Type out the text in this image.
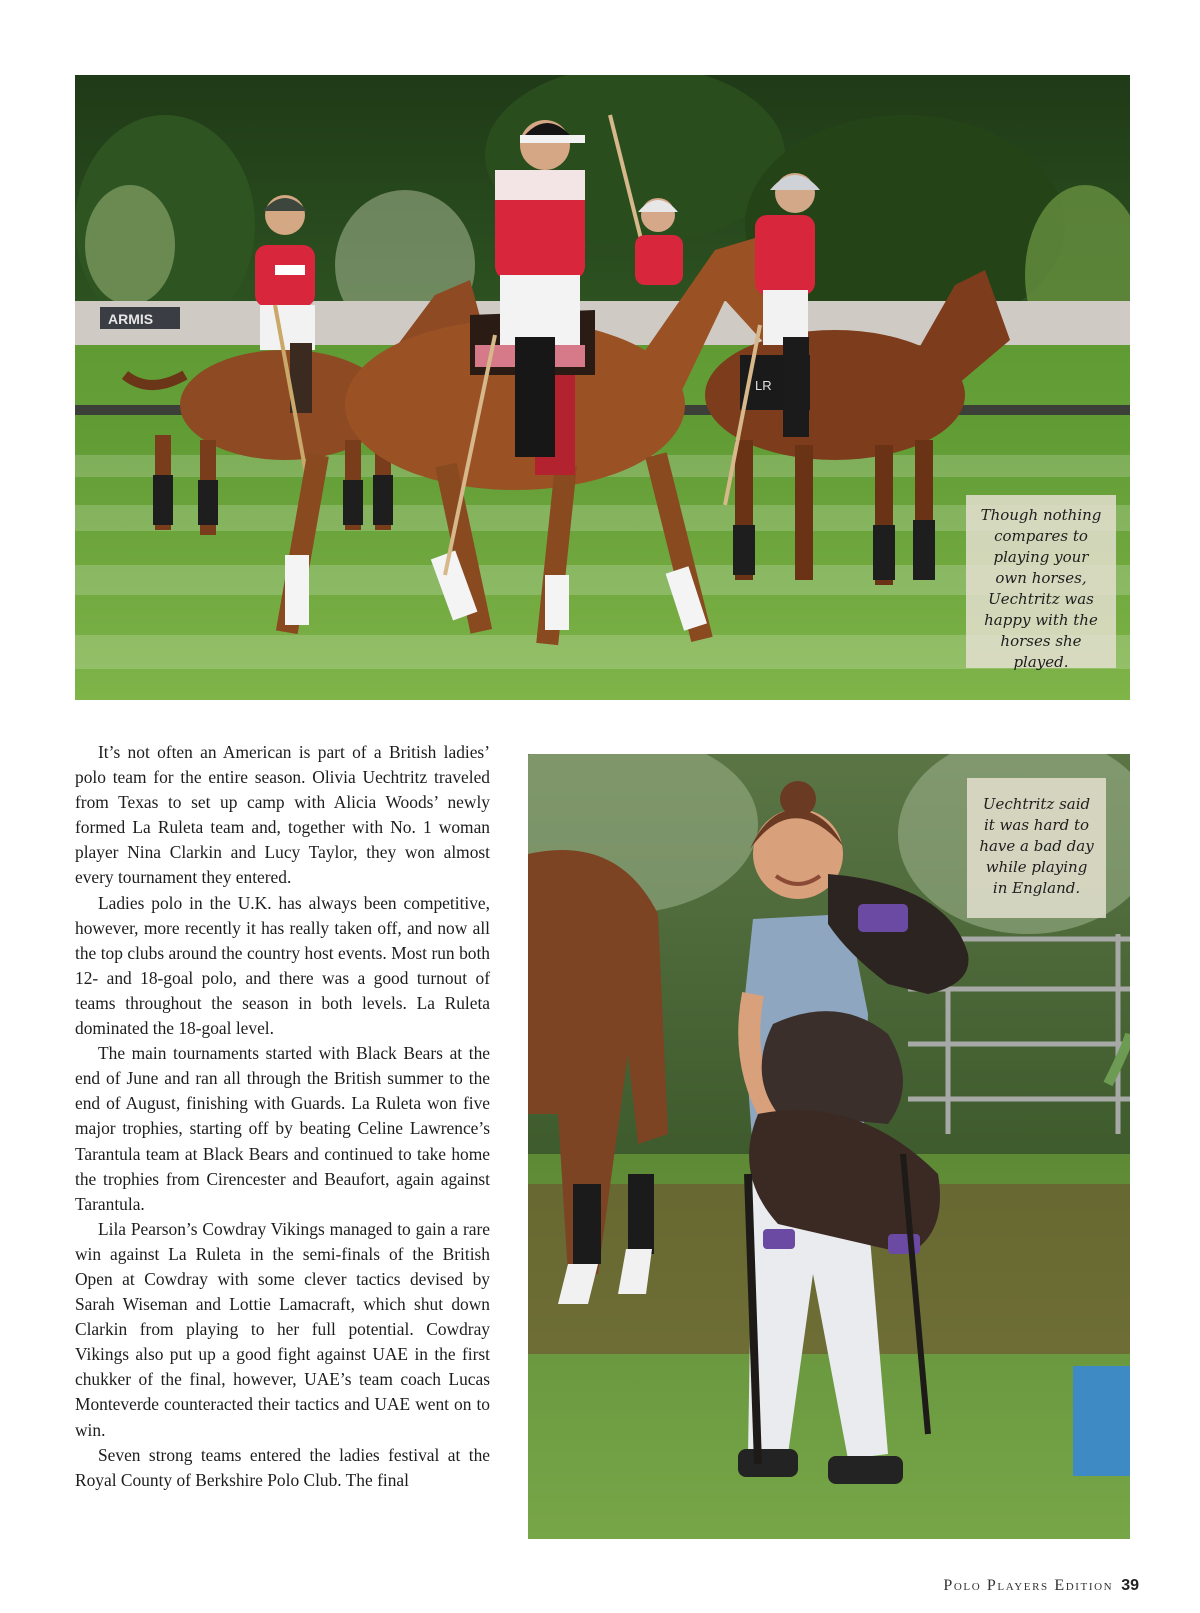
ARMIS
LR
Though nothing compares to playing your own horses, Uechtritz was happy with the horses she played.

It’s not often an American is part of a British ladies’ polo team for the entire season. Olivia Uechtritz traveled from Texas to set up camp with Alicia Woods’ newly formed La Ruleta team and, together with No. 1 woman player Nina Clarkin and Lucy Taylor, they won almost every tournament they entered.

Ladies polo in the U.K. has always been competitive, however, more recently it has really taken off, and now all the top clubs around the country host events. Most run both 12- and 18-goal polo, and there was a good turnout of teams throughout the season in both levels. La Ruleta dominated the 18-goal level.

The main tournaments started with Black Bears at the end of June and ran all through the British summer to the end of August, finishing with Guards. La Ruleta won five major trophies, starting off by beating Celine Lawrence’s Tarantula team at Black Bears and continued to take home the trophies from Cirencester and Beaufort, again against Tarantula.

Lila Pearson’s Cowdray Vikings managed to gain a rare win against La Ruleta in the semi-finals of the British Open at Cowdray with some clever tactics devised by Sarah Wiseman and Lottie Lamacraft, which shut down Clarkin from playing to her full potential. Cowdray Vikings also put up a good fight against UAE in the first chukker of the final, however, UAE’s team coach Lucas Monteverde counteracted their tactics and UAE went on to win.

Seven strong teams entered the ladies festival at the Royal County of Berkshire Polo Club. The final

Uechtritz said it was hard to have a bad day while playing in England.
Polo Players Edition 39
